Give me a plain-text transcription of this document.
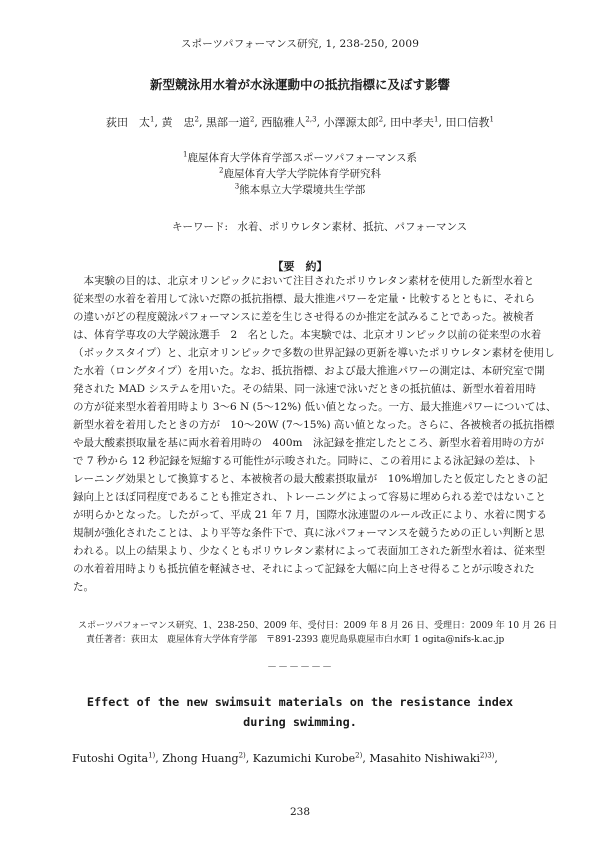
スポーツパフォーマンス研究, 1, 238-250, 2009
新型競泳用水着が水泳運動中の抵抗指標に及ぼす影響
荻田　太$^1$, 黄　忠$^2$, 黒部一道$^2$, 西脇雅人$^{2,3}$, 小澤源太郎$^2$, 田中孝夫$^1$, 田口信教$^1$
$^1$鹿屋体育大学体育学部スポーツパフォーマンス系
$^2$鹿屋体育大学大学院体育学研究科
$^3$熊本県立大学環境共生学部
キーワード: 水着、ポリウレタン素材、抵抗、パフォーマンス
【要　約】
本実験の目的は、北京オリンピックにおいて注目されたポリウレタン素材を使用した新型水着と
従来型の水着を着用して泳いだ際の抵抗指標、最大推進パワーを定量・比較するとともに、それら
の違いがどの程度競泳パフォーマンスに差を生じさせ得るのか推定を試みることであった。被検者
は、体育学専攻の大学競泳選手　2　名とした。本実験では、北京オリンピック以前の従来型の水着
（ボックスタイプ）と、北京オリンピックで多数の世界記録の更新を導いたポリウレタン素材を使用し
た水着（ロングタイプ）を用いた。なお、抵抗指標、および最大推進パワーの測定は、本研究室で開
発された MAD システムを用いた。その結果、同一泳速で泳いだときの抵抗値は、新型水着着用時
の方が従来型水着着用時より 3～6 N (5～12%) 低い値となった。一方、最大推進パワーについては、
新型水着を着用したときの方が　10～20W (7～15%) 高い値となった。さらに、各被検者の抵抗指標
や最大酸素摂取量を基に両水着着用時の　400m　泳記録を推定したところ、新型水着着用時の方が
で 7 秒から 12 秒記録を短縮する可能性が示唆された。同時に、この着用による泳記録の差は、ト
レーニング効果として換算すると、本被検者の最大酸素摂取量が　10%増加したと仮定したときの記
録向上とほぼ同程度であることも推定され、トレーニングによって容易に埋められる差ではないこと
が明らかとなった。したがって、平成 21 年 7 月，国際水泳連盟のルール改正により、水着に関する
規制が強化されたことは、より平等な条件下で、真に泳パフォーマンスを競うための正しい判断と思
われる。以上の結果より、少なくともポリウレタン素材によって表面加工された新型水着は、従来型
の水着着用時よりも抵抗値を軽減させ、それによって記録を大幅に向上させ得ることが示唆された
た。
スポーツパフォーマンス研究、1、238-250、2009 年、受付日：2009 年 8 月 26 日、受理日：2009 年 10 月 26 日
責任著者：荻田太　鹿屋体育大学体育学部　〒891-2393 鹿児島県鹿屋市白水町 1 ogita@nifs-k.ac.jp
－－－－－－
Effect of the new swimsuit materials on the resistance index
during swimming.
Futoshi Ogita$^{1)}$, Zhong Huang$^{2)}$, Kazumichi Kurobe$^{2)}$, Masahito Nishiwaki$^{2)3)}$,
238
